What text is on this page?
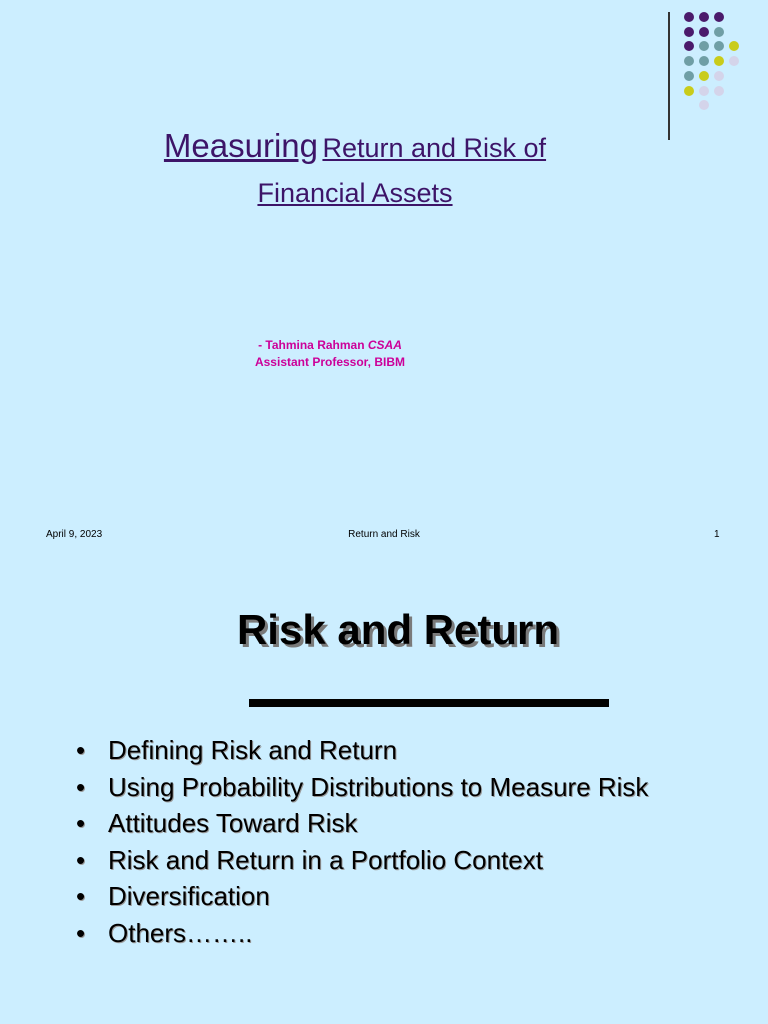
Measuring Return and Risk of
Financial Assets
- Tahmina Rahman CSAA
Assistant Professor, BIBM
April 9, 2023	Return and Risk	1
Risk and Return
• Defining Risk and Return
• Using Probability Distributions to Measure Risk
• Attitudes Toward Risk
• Risk and Return in a Portfolio Context
• Diversification
• Others……..
